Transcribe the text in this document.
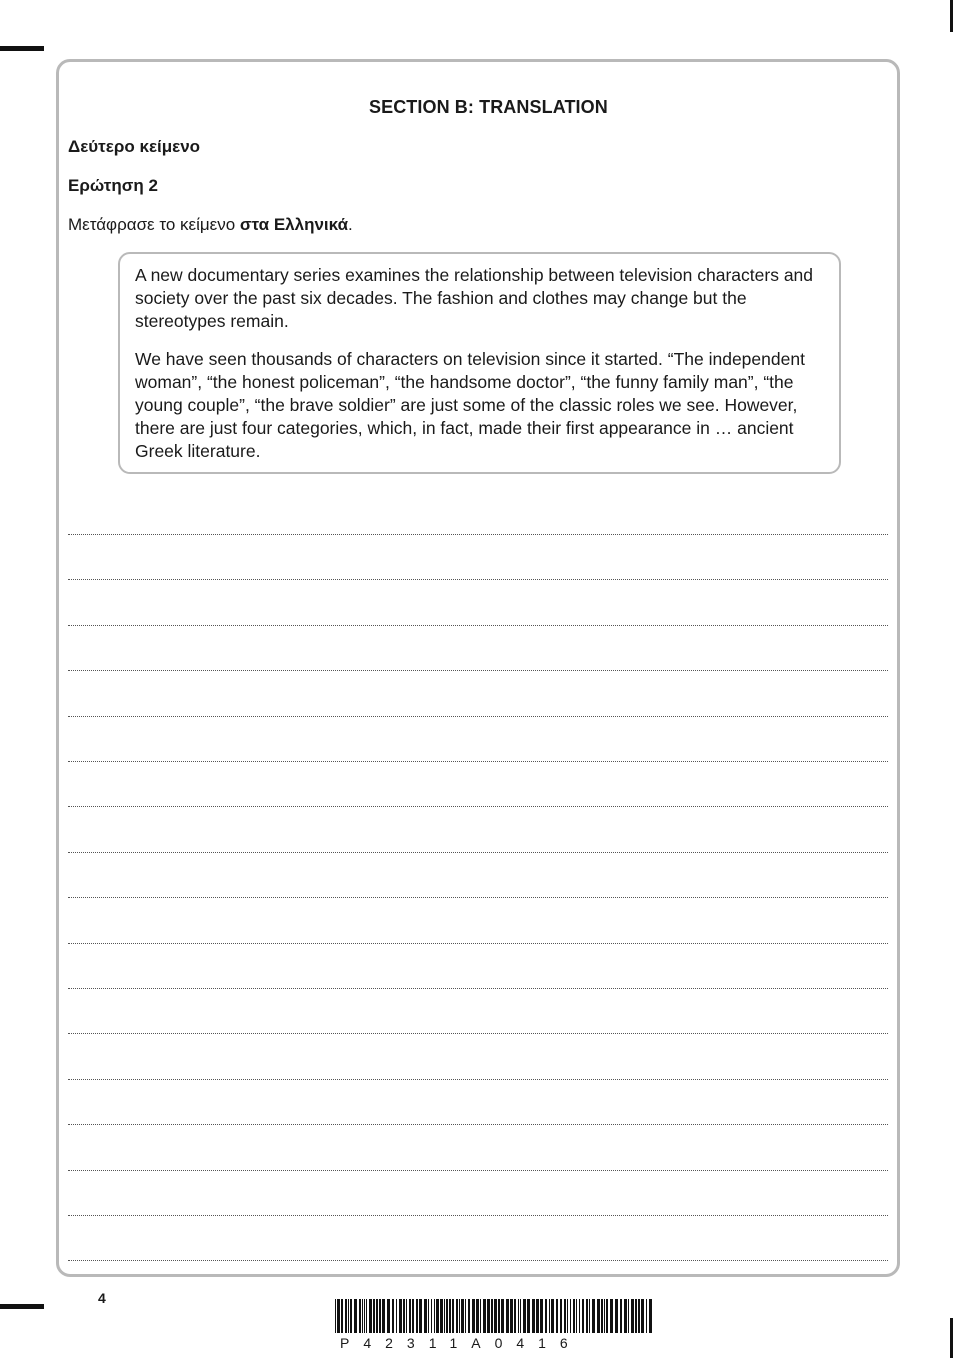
SECTION B: TRANSLATION
Δεύτερο κείμενο
Ερώτηση 2
Μετάφρασε το κείμενο στα Ελληνικά.

A new documentary series examines the relationship between television characters and society over the past six decades. The fashion and clothes may change but the stereotypes remain.

We have seen thousands of characters on television since it started. “The independent woman”, “the honest policeman”, “the handsome doctor”, “the funny family man”, “the young couple”, “the brave soldier” are just some of the classic roles we see. However, there are just four categories, which, in fact, made their first appearance in … ancient Greek literature.

4
P42311A0416
